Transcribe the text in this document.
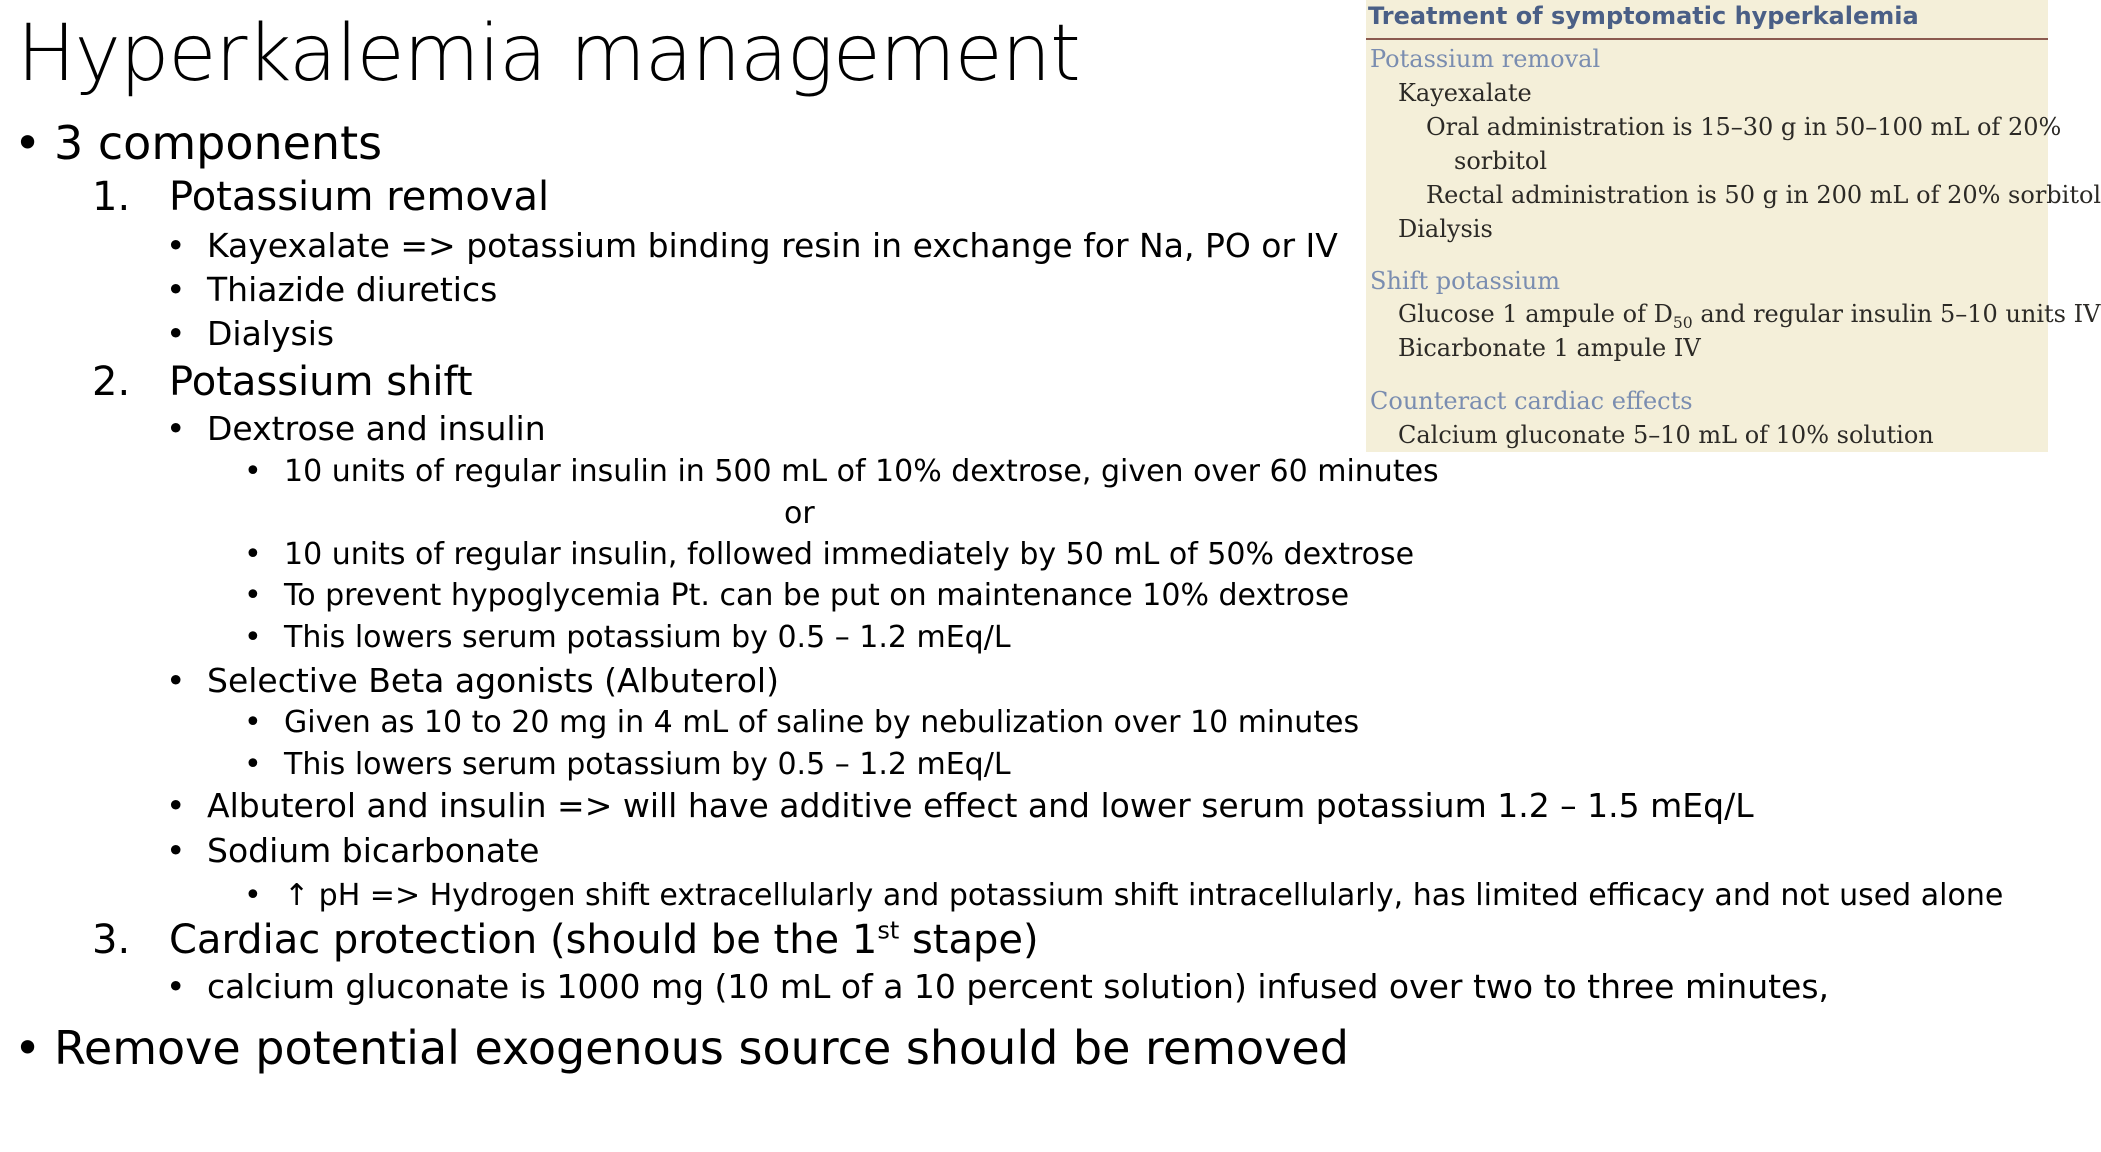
Hyperkalemia management
• 3 components
1. Potassium removal
• Kayexalate => potassium binding resin in exchange for Na, PO or IV
• Thiazide diuretics
• Dialysis
2. Potassium shift
• Dextrose and insulin
• 10 units of regular insulin in 500 mL of 10% dextrose, given over 60 minutes
or
• 10 units of regular insulin, followed immediately by 50 mL of 50% dextrose
• To prevent hypoglycemia Pt. can be put on maintenance 10% dextrose
• This lowers serum potassium by 0.5 – 1.2 mEq/L
• Selective Beta agonists (Albuterol)
• Given as 10 to 20 mg in 4 mL of saline by nebulization over 10 minutes
• This lowers serum potassium by 0.5 – 1.2 mEq/L
• Albuterol and insulin => will have additive effect and lower serum potassium 1.2 – 1.5 mEq/L
• Sodium bicarbonate
• ↑ pH => Hydrogen shift extracellularly and potassium shift intracellularly, has limited efficacy and not used alone
3. Cardiac protection (should be the 1st stape)
• calcium gluconate is 1000 mg (10 mL of a 10 percent solution) infused over two to three minutes,
• Remove potential exogenous source should be removed
Treatment of symptomatic hyperkalemia
Potassium removal
Kayexalate
Oral administration is 15–30 g in 50–100 mL of 20%
sorbitol
Rectal administration is 50 g in 200 mL of 20% sorbitol
Dialysis
Shift potassium
Glucose 1 ampule of $D_{50}$ and regular insulin 5–10 units IV
Bicarbonate 1 ampule IV
Counteract cardiac effects
Calcium gluconate 5–10 mL of 10% solution
